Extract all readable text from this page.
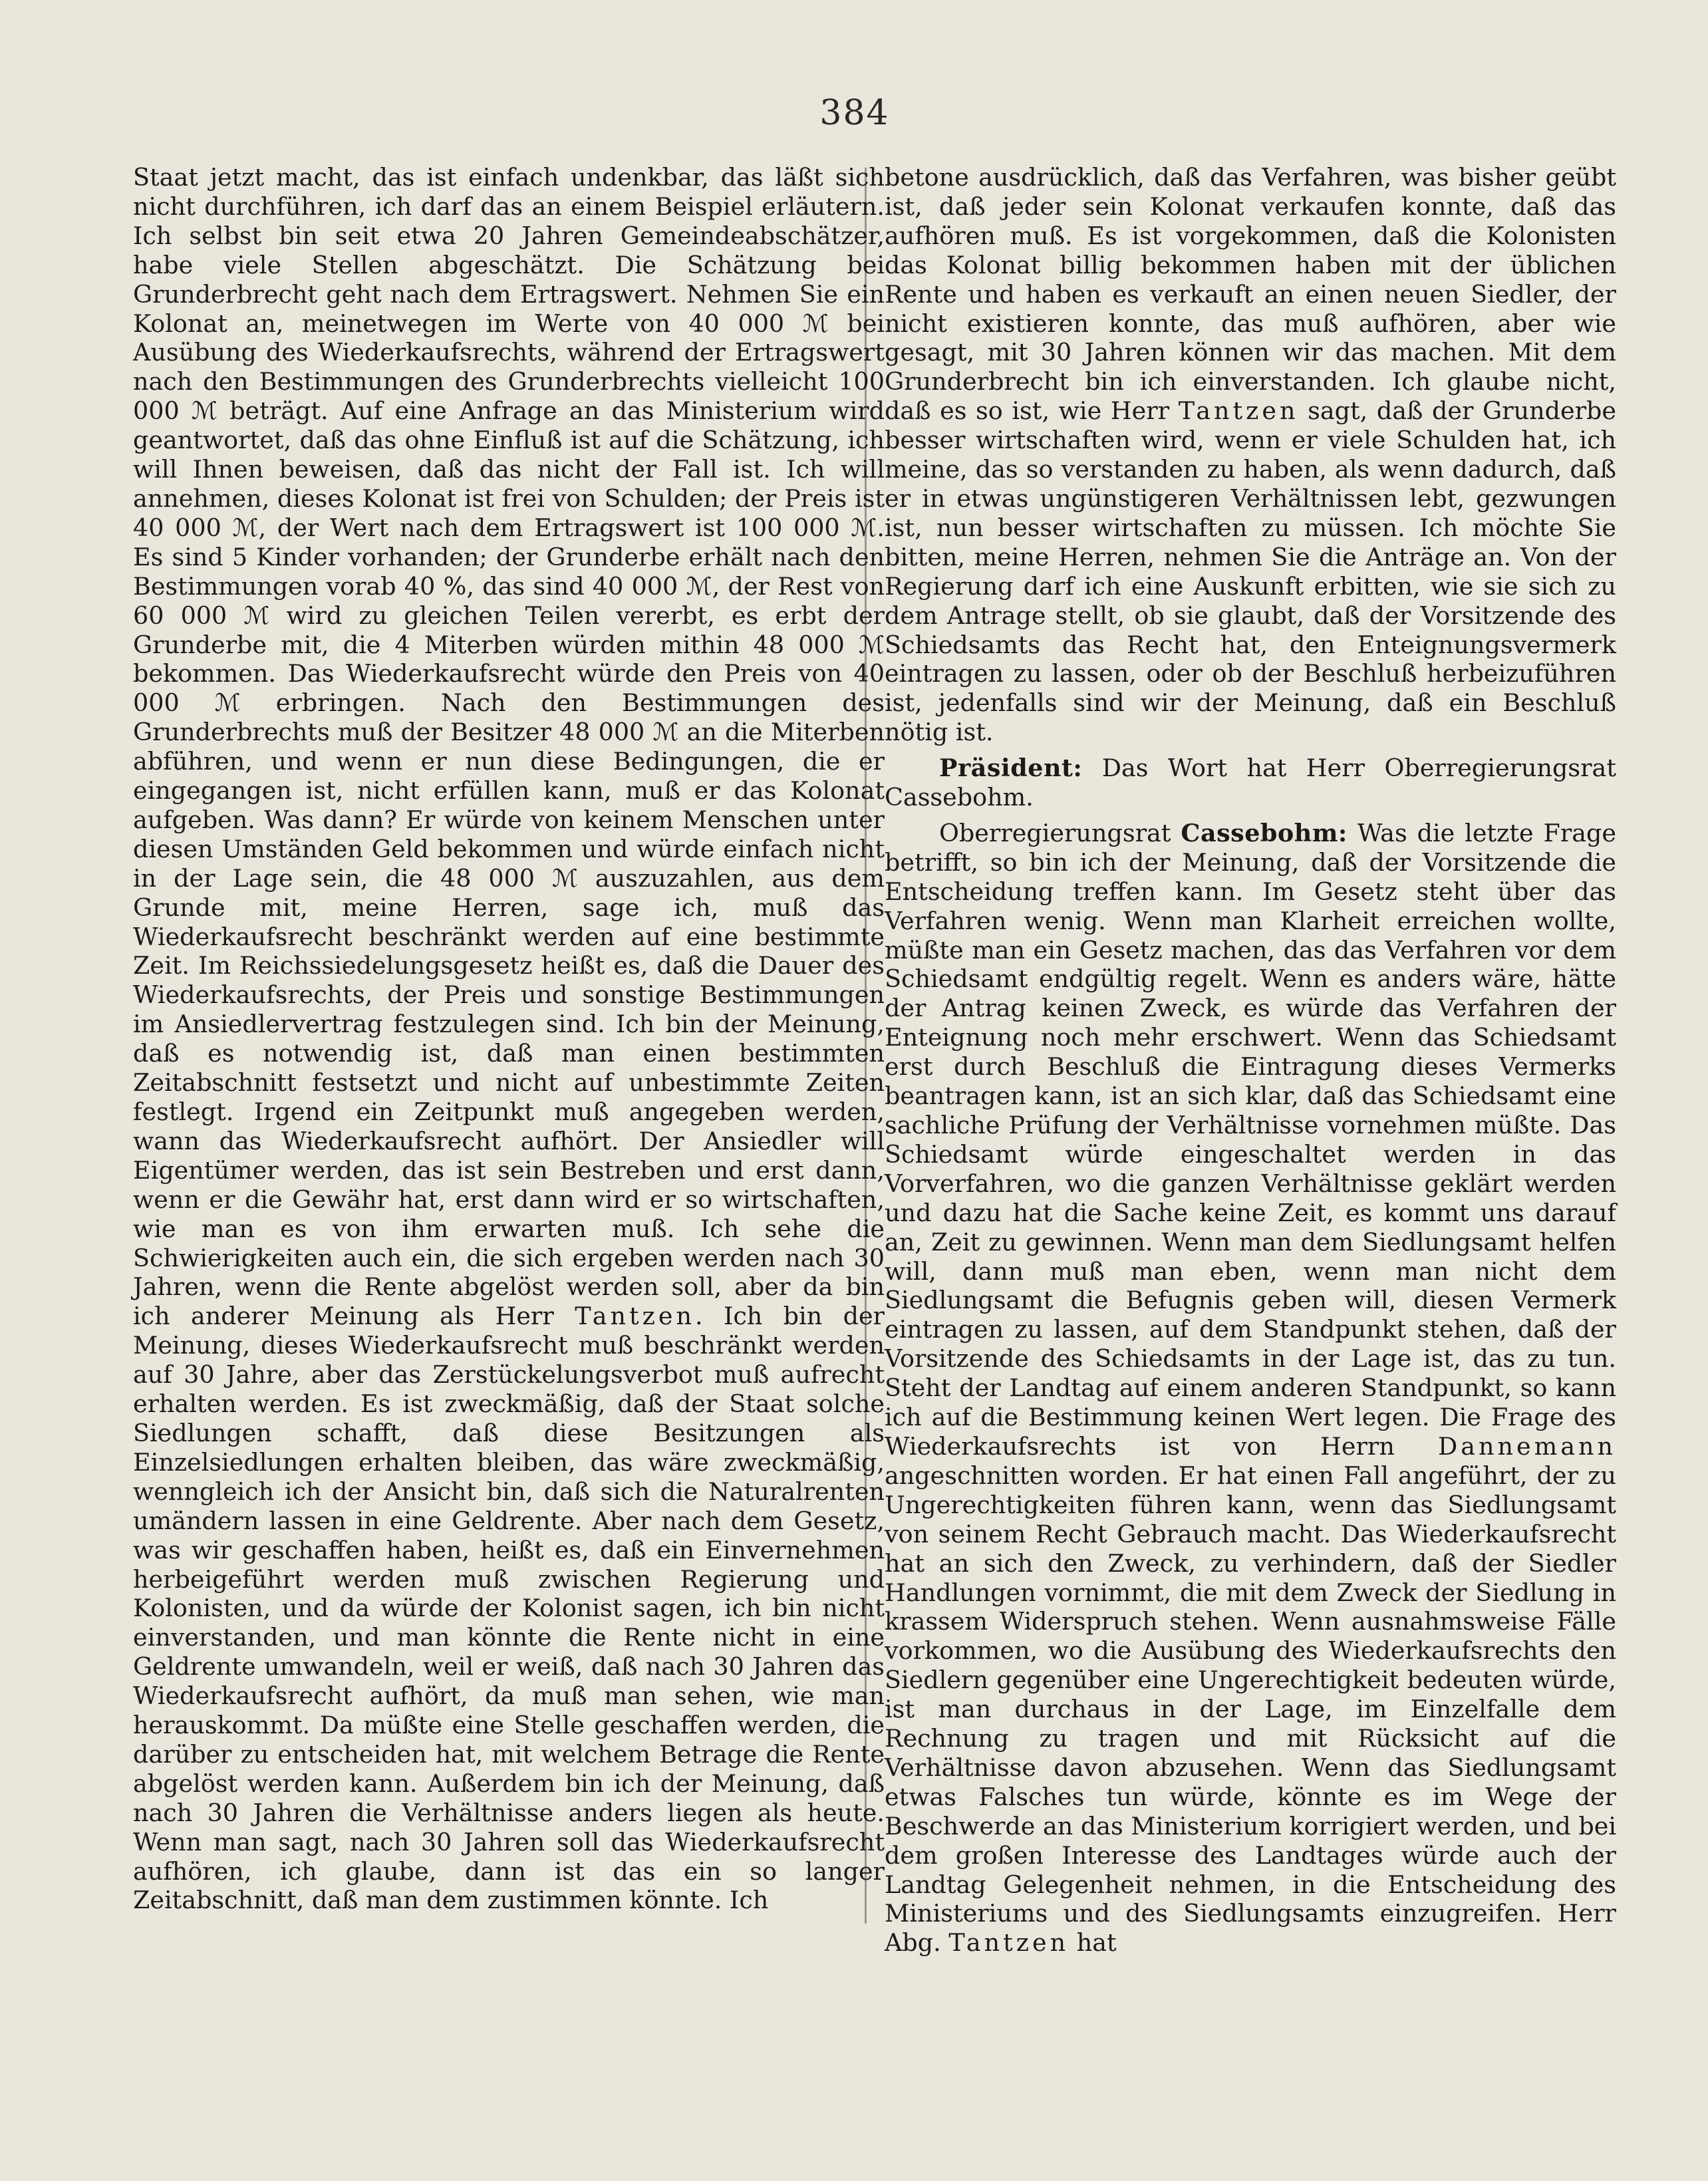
384

Staat jetzt macht, das ist einfach undenkbar, das läßt sich nicht durchführen, ich darf das an einem Beispiel erläutern. Ich selbst bin seit etwa 20 Jahren Gemeindeabschätzer, habe viele Stellen abgeschätzt. Die Schätzung bei Grunderbrecht geht nach dem Ertragswert. Nehmen Sie ein Kolonat an, meinetwegen im Werte von 40 000 ℳ bei Ausübung des Wiederkaufsrechts, während der Ertragswert nach den Bestimmungen des Grunderbrechts vielleicht 100 000 ℳ beträgt. Auf eine Anfrage an das Ministerium wird geantwortet, daß das ohne Einfluß ist auf die Schätzung, ich will Ihnen beweisen, daß das nicht der Fall ist. Ich will annehmen, dieses Kolonat ist frei von Schulden; der Preis ist 40 000 ℳ, der Wert nach dem Ertragswert ist 100 000 ℳ. Es sind 5 Kinder vorhanden; der Grunderbe erhält nach den Bestimmungen vorab 40 %, das sind 40 000 ℳ, der Rest von 60 000 ℳ wird zu gleichen Teilen vererbt, es erbt der Grunderbe mit, die 4 Miterben würden mithin 48 000 ℳ bekommen. Das Wiederkaufsrecht würde den Preis von 40 000 ℳ erbringen. Nach den Bestimmungen des Grunderbrechts muß der Besitzer 48 000 ℳ an die Miterben abführen, und wenn er nun diese Bedingungen, die er eingegangen ist, nicht erfüllen kann, muß er das Kolonat aufgeben. Was dann? Er würde von keinem Menschen unter diesen Umständen Geld bekommen und würde einfach nicht in der Lage sein, die 48 000 ℳ auszuzahlen, aus dem Grunde mit, meine Herren, sage ich, muß das Wiederkaufsrecht beschränkt werden auf eine bestimmte Zeit. Im Reichssiedelungsgesetz heißt es, daß die Dauer des Wiederkaufsrechts, der Preis und sonstige Bestimmungen im Ansiedlervertrag festzulegen sind. Ich bin der Meinung, daß es notwendig ist, daß man einen bestimmten Zeitabschnitt festsetzt und nicht auf unbestimmte Zeiten festlegt. Irgend ein Zeitpunkt muß angegeben werden, wann das Wiederkaufsrecht aufhört. Der Ansiedler will Eigentümer werden, das ist sein Bestreben und erst dann, wenn er die Gewähr hat, erst dann wird er so wirtschaften, wie man es von ihm erwarten muß. Ich sehe die Schwierigkeiten auch ein, die sich ergeben werden nach 30 Jahren, wenn die Rente abgelöst werden soll, aber da bin ich anderer Meinung als Herr Tantzen. Ich bin der Meinung, dieses Wiederkaufsrecht muß beschränkt werden auf 30 Jahre, aber das Zerstückelungsverbot muß aufrecht erhalten werden. Es ist zweckmäßig, daß der Staat solche Siedlungen schafft, daß diese Besitzungen als Einzelsiedlungen erhalten bleiben, das wäre zweckmäßig, wenngleich ich der Ansicht bin, daß sich die Naturalrenten umändern lassen in eine Geldrente. Aber nach dem Gesetz, was wir geschaffen haben, heißt es, daß ein Einvernehmen herbeigeführt werden muß zwischen Regierung und Kolonisten, und da würde der Kolonist sagen, ich bin nicht einverstanden, und man könnte die Rente nicht in eine Geldrente umwandeln, weil er weiß, daß nach 30 Jahren das Wiederkaufsrecht aufhört, da muß man sehen, wie man herauskommt. Da müßte eine Stelle geschaffen werden, die darüber zu entscheiden hat, mit welchem Betrage die Rente abgelöst werden kann. Außerdem bin ich der Meinung, daß nach 30 Jahren die Verhältnisse anders liegen als heute. Wenn man sagt, nach 30 Jahren soll das Wiederkaufsrecht aufhören, ich glaube, dann ist das ein so langer Zeitabschnitt, daß man dem zustimmen könnte. Ich

betone ausdrücklich, daß das Verfahren, was bisher geübt ist, daß jeder sein Kolonat verkaufen konnte, daß das aufhören muß. Es ist vorgekommen, daß die Kolonisten das Kolonat billig bekommen haben mit der üblichen Rente und haben es verkauft an einen neuen Siedler, der nicht existieren konnte, das muß aufhören, aber wie gesagt, mit 30 Jahren können wir das machen. Mit dem Grunderbrecht bin ich einverstanden. Ich glaube nicht, daß es so ist, wie Herr Tantzen sagt, daß der Grunderbe besser wirtschaften wird, wenn er viele Schulden hat, ich meine, das so verstanden zu haben, als wenn dadurch, daß er in etwas ungünstigeren Verhältnissen lebt, gezwungen ist, nun besser wirtschaften zu müssen. Ich möchte Sie bitten, meine Herren, nehmen Sie die Anträge an. Von der Regierung darf ich eine Auskunft erbitten, wie sie sich zu dem Antrage stellt, ob sie glaubt, daß der Vorsitzende des Schiedsamts das Recht hat, den Enteignungsvermerk eintragen zu lassen, oder ob der Beschluß herbeizuführen ist, jedenfalls sind wir der Meinung, daß ein Beschluß nötig ist.

Präsident: Das Wort hat Herr Oberregierungsrat Cassebohm.

Oberregierungsrat Cassebohm: Was die letzte Frage betrifft, so bin ich der Meinung, daß der Vorsitzende die Entscheidung treffen kann. Im Gesetz steht über das Verfahren wenig. Wenn man Klarheit erreichen wollte, müßte man ein Gesetz machen, das das Verfahren vor dem Schiedsamt endgültig regelt. Wenn es anders wäre, hätte der Antrag keinen Zweck, es würde das Verfahren der Enteignung noch mehr erschwert. Wenn das Schiedsamt erst durch Beschluß die Eintragung dieses Vermerks beantragen kann, ist an sich klar, daß das Schiedsamt eine sachliche Prüfung der Verhältnisse vornehmen müßte. Das Schiedsamt würde eingeschaltet werden in das Vorverfahren, wo die ganzen Verhältnisse geklärt werden und dazu hat die Sache keine Zeit, es kommt uns darauf an, Zeit zu gewinnen. Wenn man dem Siedlungsamt helfen will, dann muß man eben, wenn man nicht dem Siedlungsamt die Befugnis geben will, diesen Vermerk eintragen zu lassen, auf dem Standpunkt stehen, daß der Vorsitzende des Schiedsamts in der Lage ist, das zu tun. Steht der Landtag auf einem anderen Standpunkt, so kann ich auf die Bestimmung keinen Wert legen. Die Frage des Wiederkaufsrechts ist von Herrn Dannemann angeschnitten worden. Er hat einen Fall angeführt, der zu Ungerechtigkeiten führen kann, wenn das Siedlungsamt von seinem Recht Gebrauch macht. Das Wiederkaufsrecht hat an sich den Zweck, zu verhindern, daß der Siedler Handlungen vornimmt, die mit dem Zweck der Siedlung in krassem Widerspruch stehen. Wenn ausnahmsweise Fälle vorkommen, wo die Ausübung des Wiederkaufsrechts den Siedlern gegenüber eine Ungerechtigkeit bedeuten würde, ist man durchaus in der Lage, im Einzelfalle dem Rechnung zu tragen und mit Rücksicht auf die Verhältnisse davon abzusehen. Wenn das Siedlungsamt etwas Falsches tun würde, könnte es im Wege der Beschwerde an das Ministerium korrigiert werden, und bei dem großen Interesse des Landtages würde auch der Landtag Gelegenheit nehmen, in die Entscheidung des Ministeriums und des Siedlungsamts einzugreifen. Herr Abg. Tantzen hat
